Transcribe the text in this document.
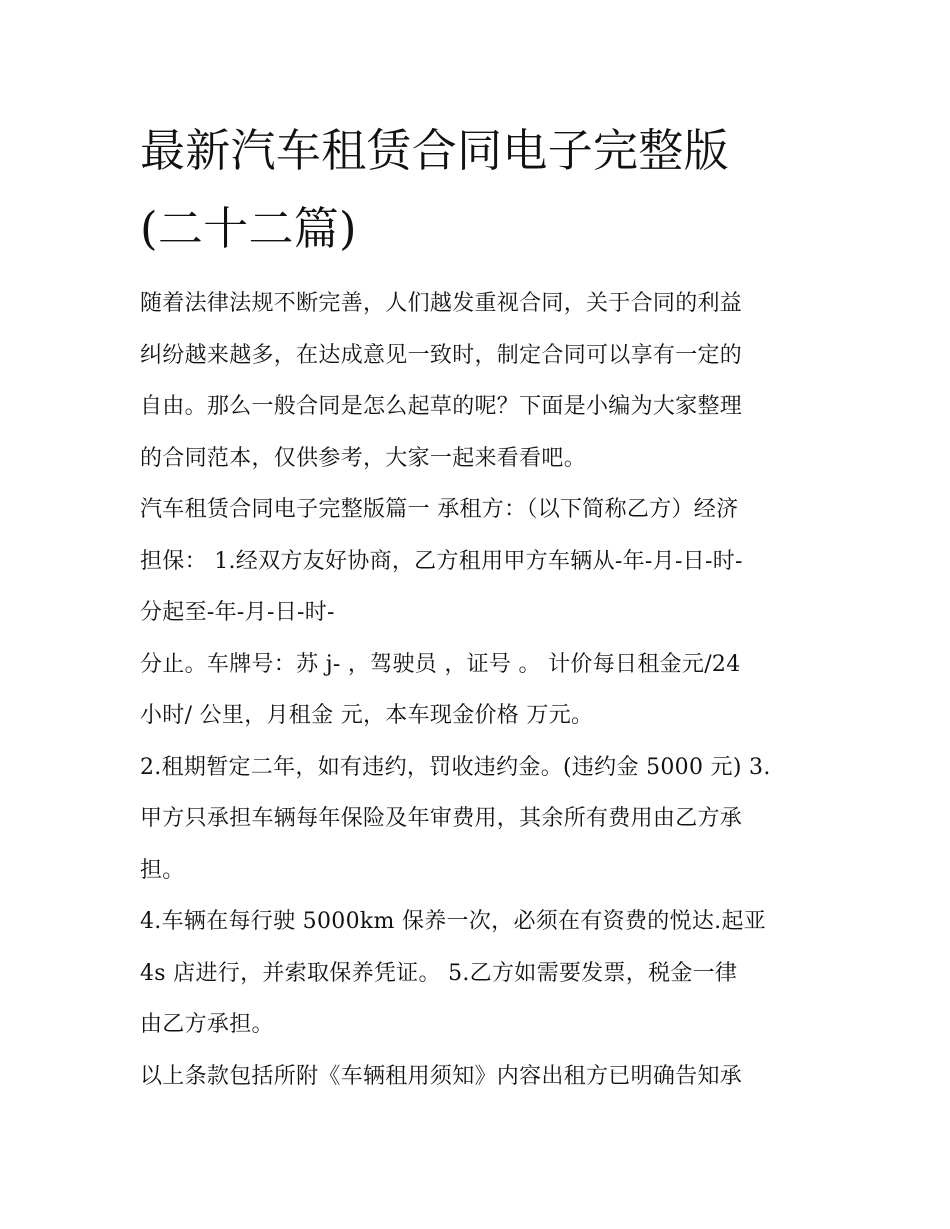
最新汽车租赁合同电子完整版
(二十二篇)
随着法律法规不断完善，人们越发重视合同，关于合同的利益
纠纷越来越多，在达成意见一致时，制定合同可以享有一定的
自由。那么一般合同是怎么起草的呢？下面是小编为大家整理
的合同范本，仅供参考，大家一起来看看吧。
汽车租赁合同电子完整版篇一 承租方：（以下简称乙方）经济
担保： 1.经双方友好协商，乙方租用甲方车辆从-年-月-日-时-
分起至-年-月-日-时-
分止。车牌号：苏 j- ，驾驶员 ，证号 。 计价每日租金元/24
小时/ 公里，月租金 元，本车现金价格 万元。
2.租期暂定二年，如有违约，罚收违约金。(违约金 5000 元) 3.
甲方只承担车辆每年保险及年审费用，其余所有费用由乙方承
担。
4.车辆在每行驶 5000km 保养一次，必须在有资费的悦达.起亚
4s 店进行，并索取保养凭证。 5.乙方如需要发票，税金一律
由乙方承担。
以上条款包括所附《车辆租用须知》内容出租方已明确告知承
